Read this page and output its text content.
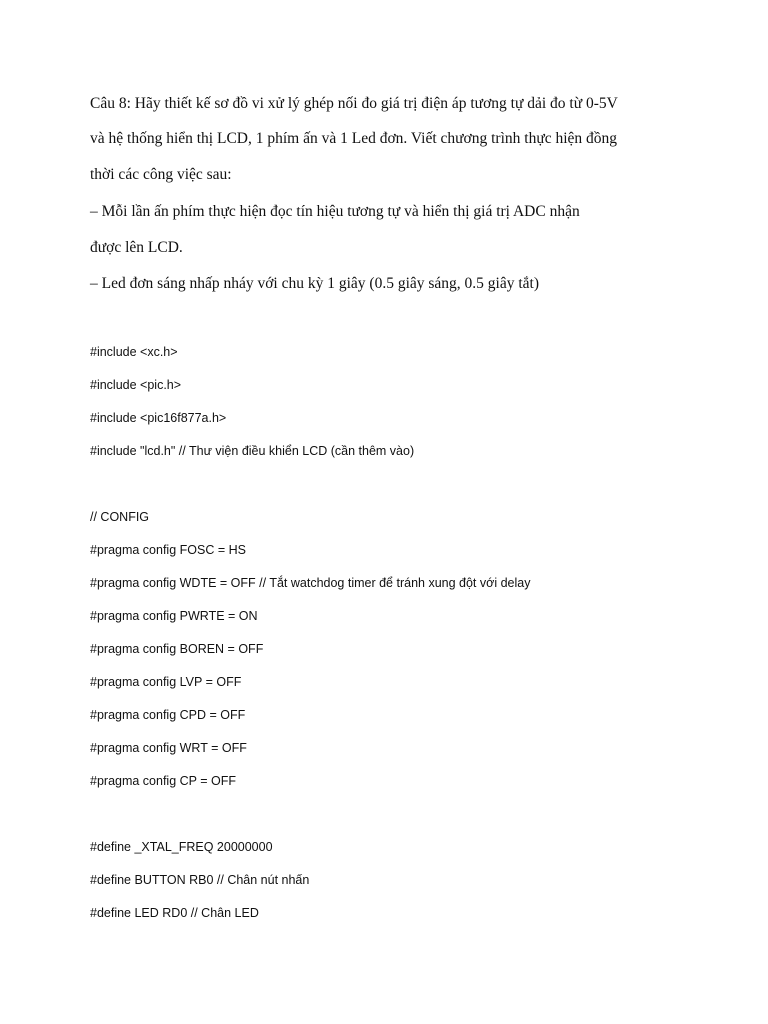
Câu 8: Hãy thiết kế sơ đồ vi xử lý ghép nối đo giá trị điện áp tương tự dải đo từ 0-5V
và hệ thống hiển thị LCD, 1 phím ấn và 1 Led đơn. Viết chương trình thực hiện đồng
thời các công việc sau:
– Mỗi lần ấn phím thực hiện đọc tín hiệu tương tự và hiển thị giá trị ADC nhận
được lên LCD.
– Led đơn sáng nhấp nháy với chu kỳ 1 giây (0.5 giây sáng, 0.5 giây tắt)
#include <xc.h>
#include <pic.h>
#include <pic16f877a.h>
#include "lcd.h" // Thư viện điều khiển LCD (cần thêm vào)
// CONFIG
#pragma config FOSC = HS
#pragma config WDTE = OFF // Tắt watchdog timer để tránh xung đột với delay
#pragma config PWRTE = ON
#pragma config BOREN = OFF
#pragma config LVP = OFF
#pragma config CPD = OFF
#pragma config WRT = OFF
#pragma config CP = OFF
#define _XTAL_FREQ 20000000
#define BUTTON RB0 // Chân nút nhấn
#define LED RD0 // Chân LED
